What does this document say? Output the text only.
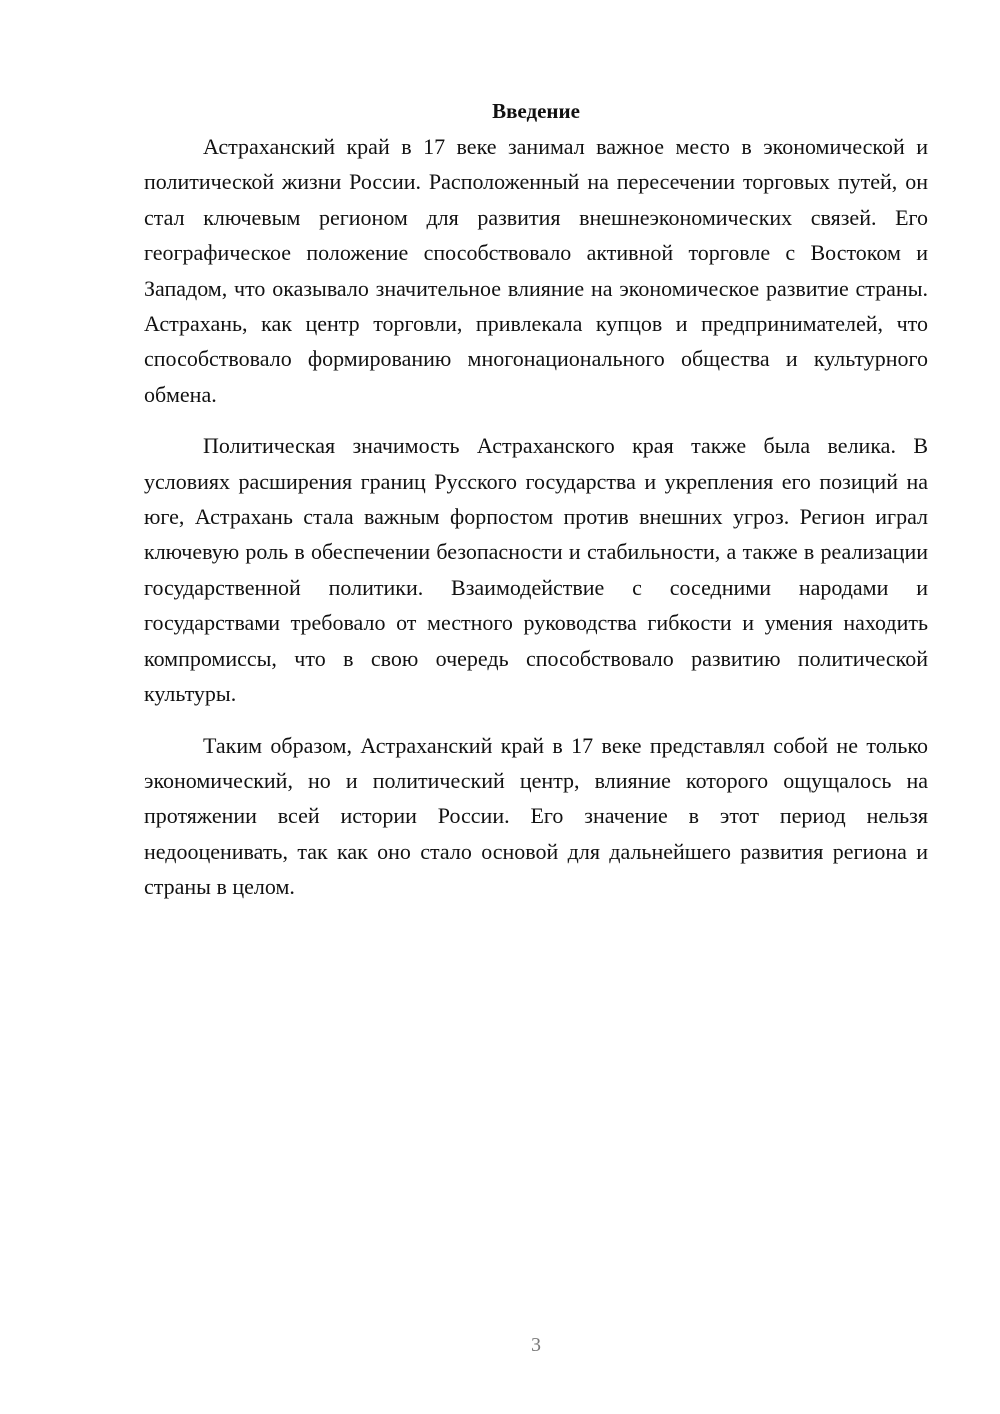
Введение

Астраханский край в 17 веке занимал важное место в экономической и политической жизни России. Расположенный на пересечении торговых путей, он стал ключевым регионом для развития внешнеэкономических связей. Его географическое положение способствовало активной торговле с Востоком и Западом, что оказывало значительное влияние на экономическое развитие страны. Астрахань, как центр торговли, привлекала купцов и предпринимателей, что способствовало формированию многонационального общества и культурного обмена.

Политическая значимость Астраханского края также была велика. В условиях расширения границ Русского государства и укрепления его позиций на юге, Астрахань стала важным форпостом против внешних угроз. Регион играл ключевую роль в обеспечении безопасности и стабильности, а также в реализации государственной политики. Взаимодействие с соседними народами и государствами требовало от местного руководства гибкости и умения находить компромиссы, что в свою очередь способствовало развитию политической культуры.

Таким образом, Астраханский край в 17 веке представлял собой не только экономический, но и политический центр, влияние которого ощущалось на протяжении всей истории России. Его значение в этот период нельзя недооценивать, так как оно стало основой для дальнейшего развития региона и страны в целом.

3
